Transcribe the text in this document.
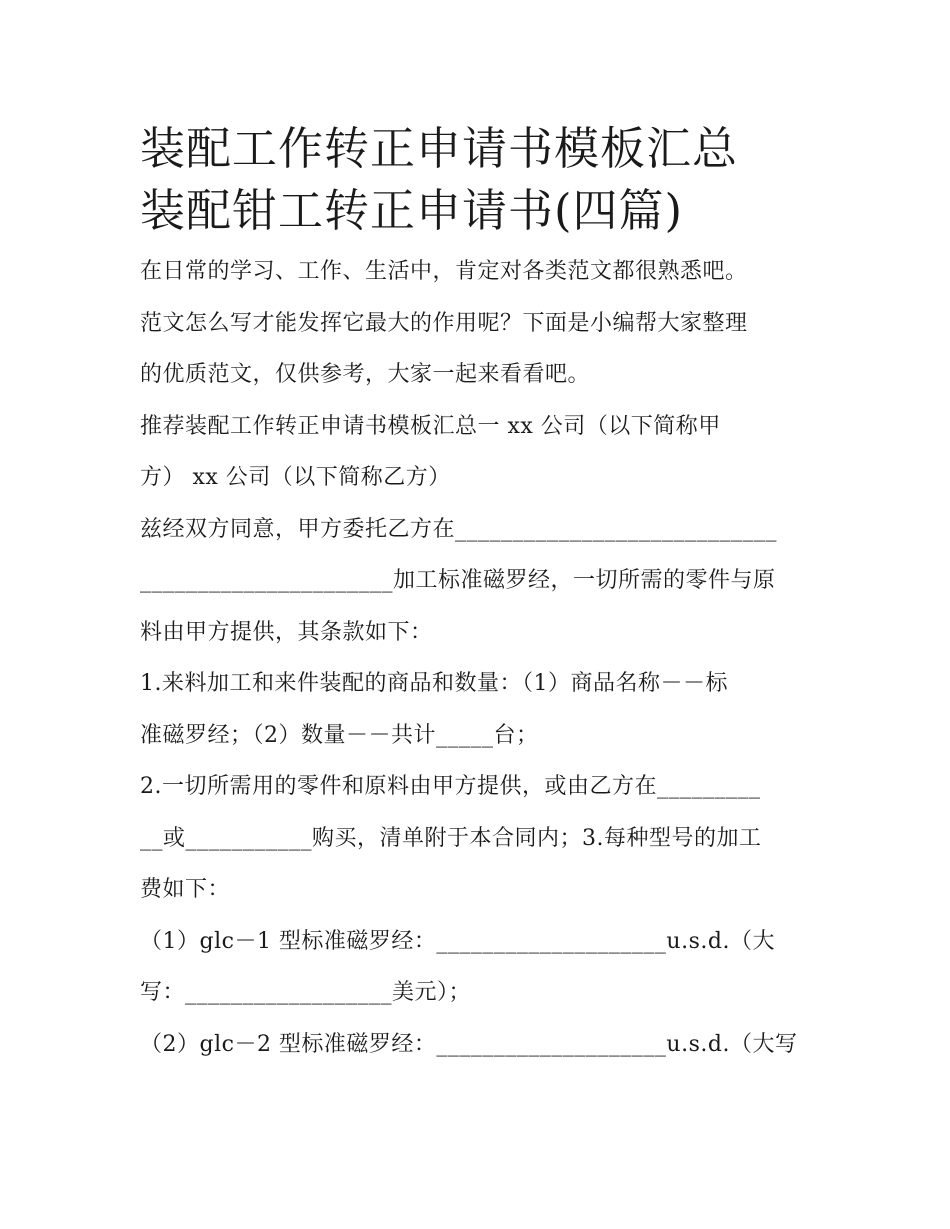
装配工作转正申请书模板汇总
装配钳工转正申请书(四篇)

在日常的学习、工作、生活中，肯定对各类范文都很熟悉吧。
范文怎么写才能发挥它最大的作用呢？下面是小编帮大家整理
的优质范文，仅供参考，大家一起来看看吧。

推荐装配工作转正申请书模板汇总一 xx 公司（以下简称甲
方） xx 公司（以下简称乙方）

兹经双方同意，甲方委托乙方在____________________________
______________________加工标准磁罗经，一切所需的零件与原
料由甲方提供，其条款如下：

1.来料加工和来件装配的商品和数量：（1）商品名称－－标
准磁罗经；（2）数量－－共计_____台；

2.一切所需用的零件和原料由甲方提供，或由乙方在_________
__或___________购买，清单附于本合同内；3.每种型号的加工
费如下：

（1）glc－1 型标准磁罗经：____________________u.s.d.（大
写：__________________美元）；

（2）glc－2 型标准磁罗经：____________________u.s.d.（大写
